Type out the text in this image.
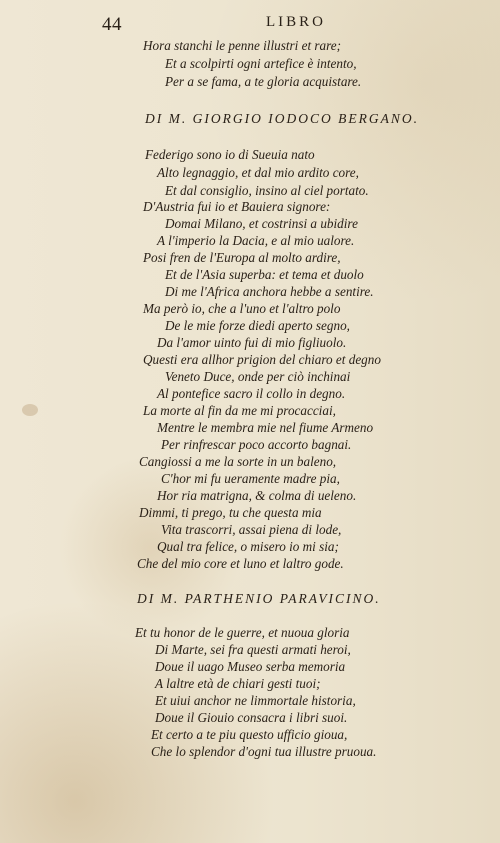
44	LIBRO
Hora stanchi le penne illustri et rare;
Et a scolpirti ogni artefice è intento,
Per a se fama, a te gloria acquistare.
DI M. GIORGIO IODOCO BERGANO.
Federigo sono io di Sueuia nato
Alto legnaggio, et dal mio ardito core,
Et dal consiglio, insino al ciel portato.
D'Austria fui io et Bauiera signore:
Domai Milano, et costrinsi a ubidire
A l'imperio la Dacia, e al mio ualore.
Posi fren de l'Europa al molto ardire,
Et de l'Asia superba: et tema et duolo
Di me l'Africa anchora hebbe a sentire.
Ma però io, che a l'uno et l'altro polo
De le mie forze diedi aperto segno,
Da l'amor uinto fui di mio figliuolo.
Questi era allhor prigion del chiaro et degno
Veneto Duce, onde per ciò inchinai
Al pontefice sacro il collo in degno.
La morte al fin da me mi procacciai,
Mentre le membra mie nel fiume Armeno
Per rinfrescar poco accorto bagnai.
Cangiossi a me la sorte in un baleno,
C'hor mi fu ueramente madre pia,
Hor ria matrigna, & colma di ueleno.
Dimmi, ti prego, tu che questa mia
Vita trascorri, assai piena di lode,
Qual tra felice, o misero io mi sia;
Che del mio core et luno et laltro gode.
DI M. PARTHENIO PARAVICINO.
Et tu honor de le guerre, et nuoua gloria
Di Marte, sei fra questi armati heroi,
Doue il uago Museo serba memoria
A laltre età de chiari gesti tuoi;
Et uiui anchor ne limmortale historia,
Doue il Giouio consacra i libri suoi.
Et certo a te piu questo ufficio gioua,
Che lo splendor d'ogni tua illustre pruoua.
